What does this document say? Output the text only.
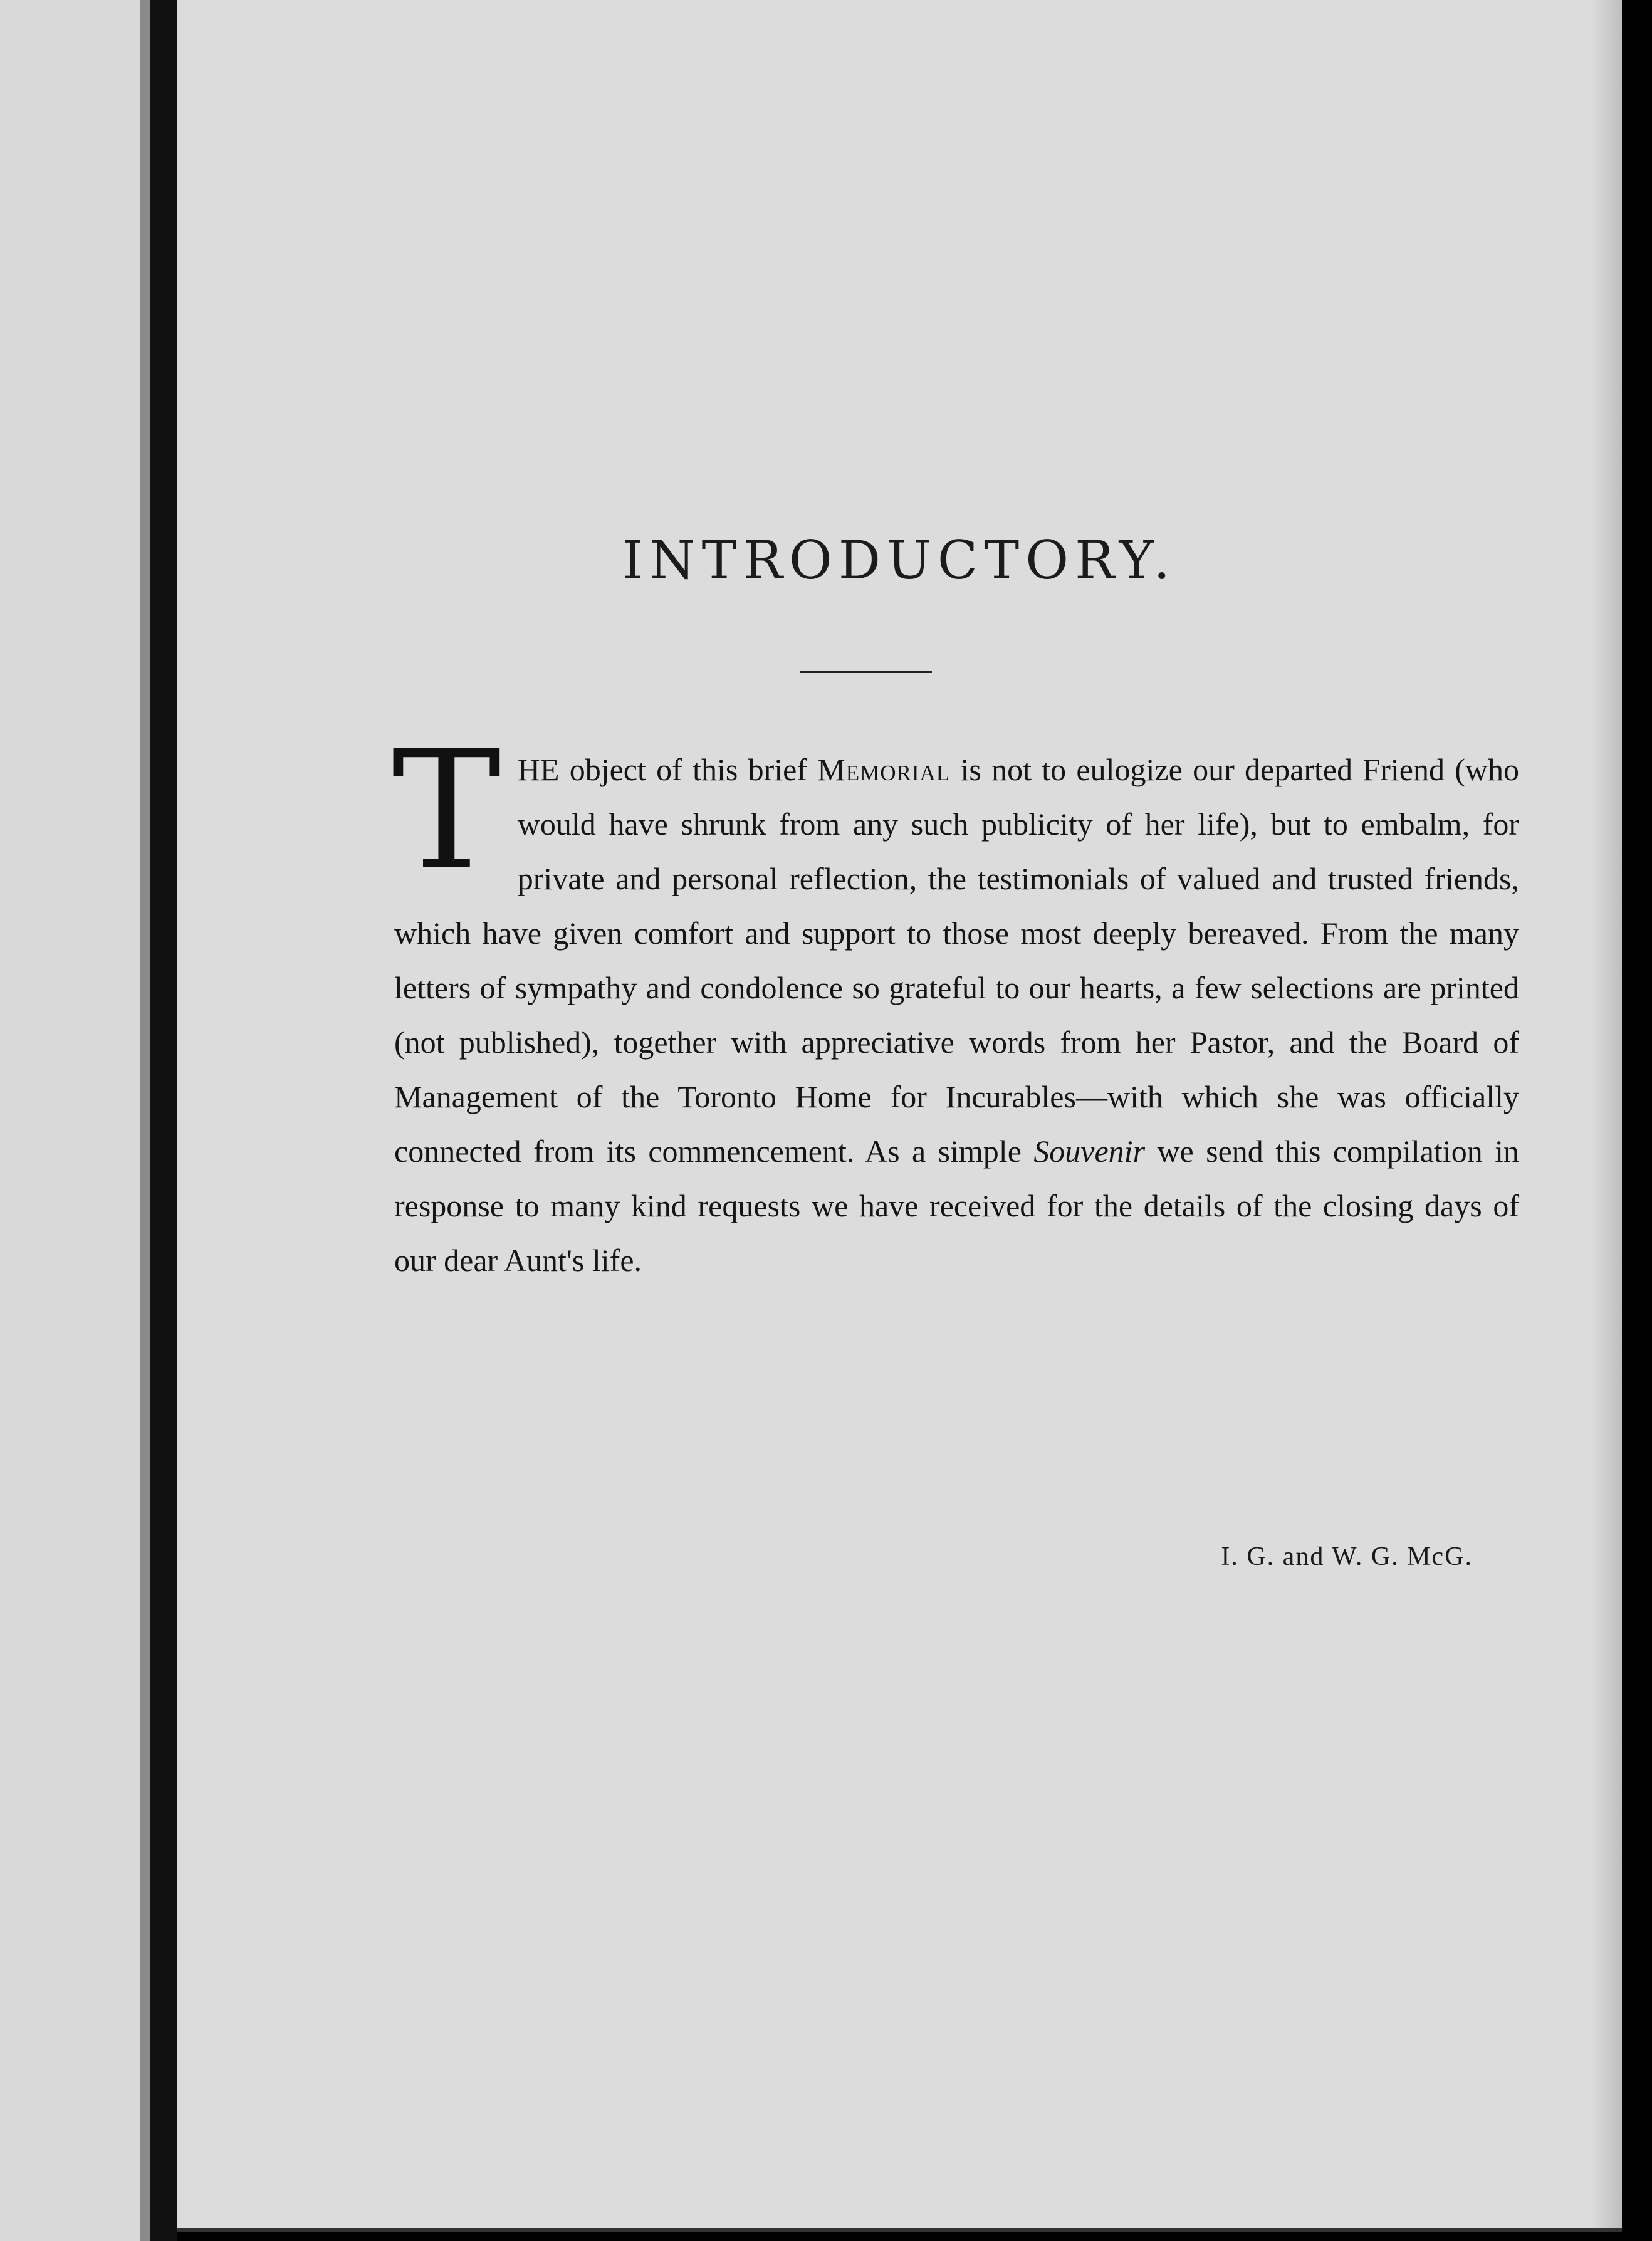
INTRODUCTORY.
T HE object of this brief Memorial is not to eulogize our departed Friend (who would have shrunk from any such publicity of her life), but to embalm, for private and personal reflection, the testimonials of valued and trusted friends, which have given comfort and support to those most deeply bereaved. From the many letters of sympathy and condolence so grateful to our hearts, a few selections are printed (not published), together with appreciative words from her Pastor, and the Board of Management of the Toronto Home for Incurables—with which she was officially connected from its commencement. As a simple Souvenir we send this compilation in response to many kind requests we have received for the details of the closing days of our dear Aunt's life.
I. G. and W. G. McG.
